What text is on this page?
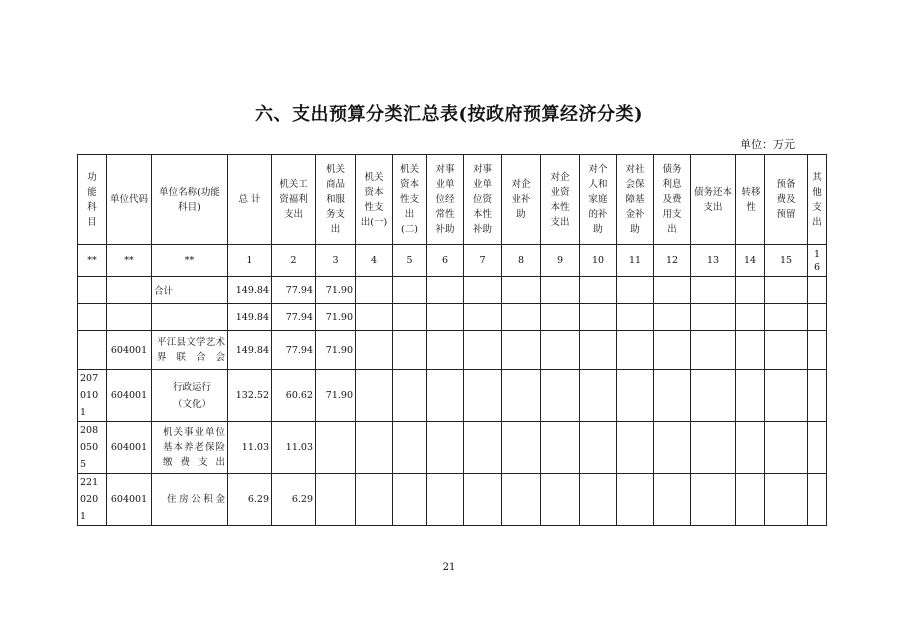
六、支出预算分类汇总表(按政府预算经济分类)
单位：万元
功能科目	单位代码	单位名称(功能科目)	总 计	机关工资福利支出	机关商品和服务支出	机关资本性支出(一)	机关资本性支出(二)	对事业单位经常性补助	对事业单位资本性补助	对企业补助	对企业资本性支出	对个人和家庭的补助	对社会保障基金补助	债务利息及费用支出	债务还本支出	转移性	预备费及预留	其他支出
**	**	**	1	2	3	4	5	6	7	8	9	10	11	12	13	14	15	16
		合计	149.84	77.94	71.90													
			149.84	77.94	71.90													
	604001	平江县文学艺术界联合会	149.84	77.94	71.90													
2070101	604001	行政运行（文化）	132.52	60.62	71.90													
2080505	604001	机关事业单位基本养老保险缴费支出	11.03	11.03														
2210201	604001	住房公积金	6.29	6.29														
21
